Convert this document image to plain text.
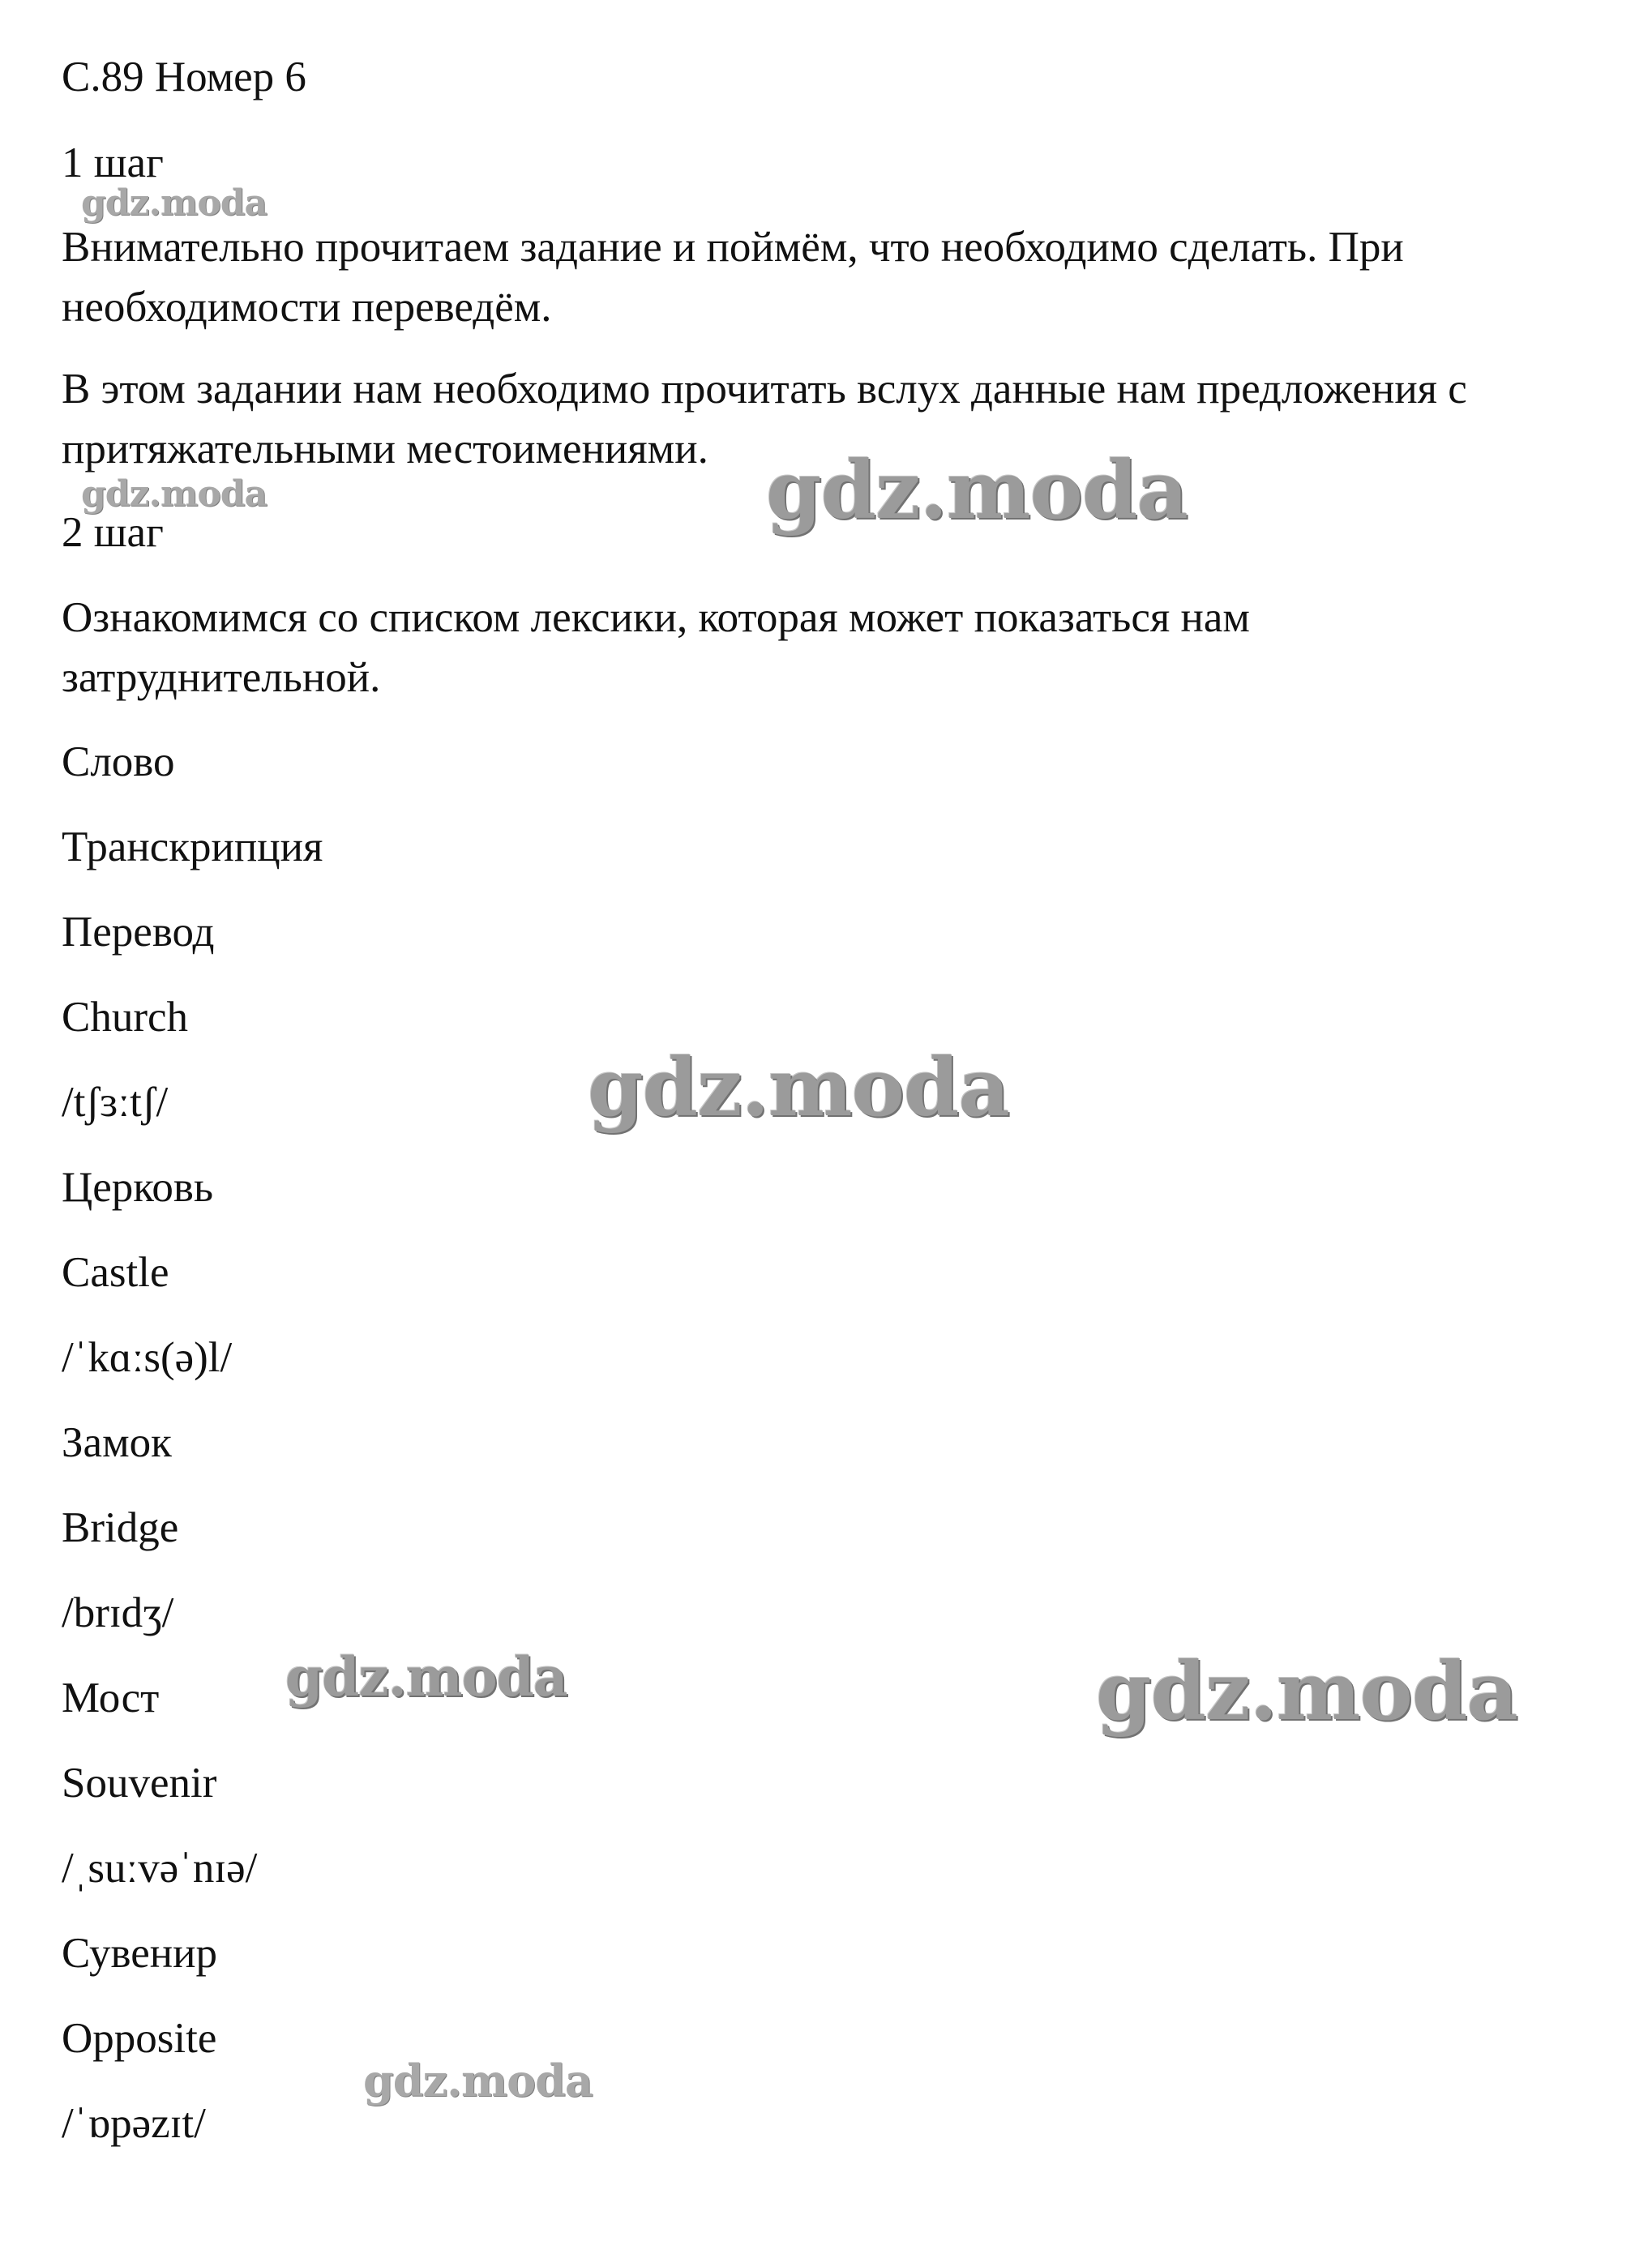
С.89 Номер 6
1 шаг
Внимательно прочитаем задание и поймём, что необходимо сделать. При
необходимости переведём.
В этом задании нам необходимо прочитать вслух данные нам предложения с
притяжательными местоимениями.
2 шаг
Ознакомимся со списком лексики, которая может показаться нам
затруднительной.
Слово
Транскрипция
Перевод
Church
/tʃɜːtʃ/
Церковь
Castle
/ˈkɑːs(ə)l/
Замок
Bridge
/brɪdʒ/
Мост
Souvenir
/ˌsuːvəˈnɪə/
Сувенир
Opposite
/ˈɒpəzɪt/
gdz.moda
gdz.moda	gdz.moda
gdz.moda
gdz.moda	gdz.moda
gdz.moda
